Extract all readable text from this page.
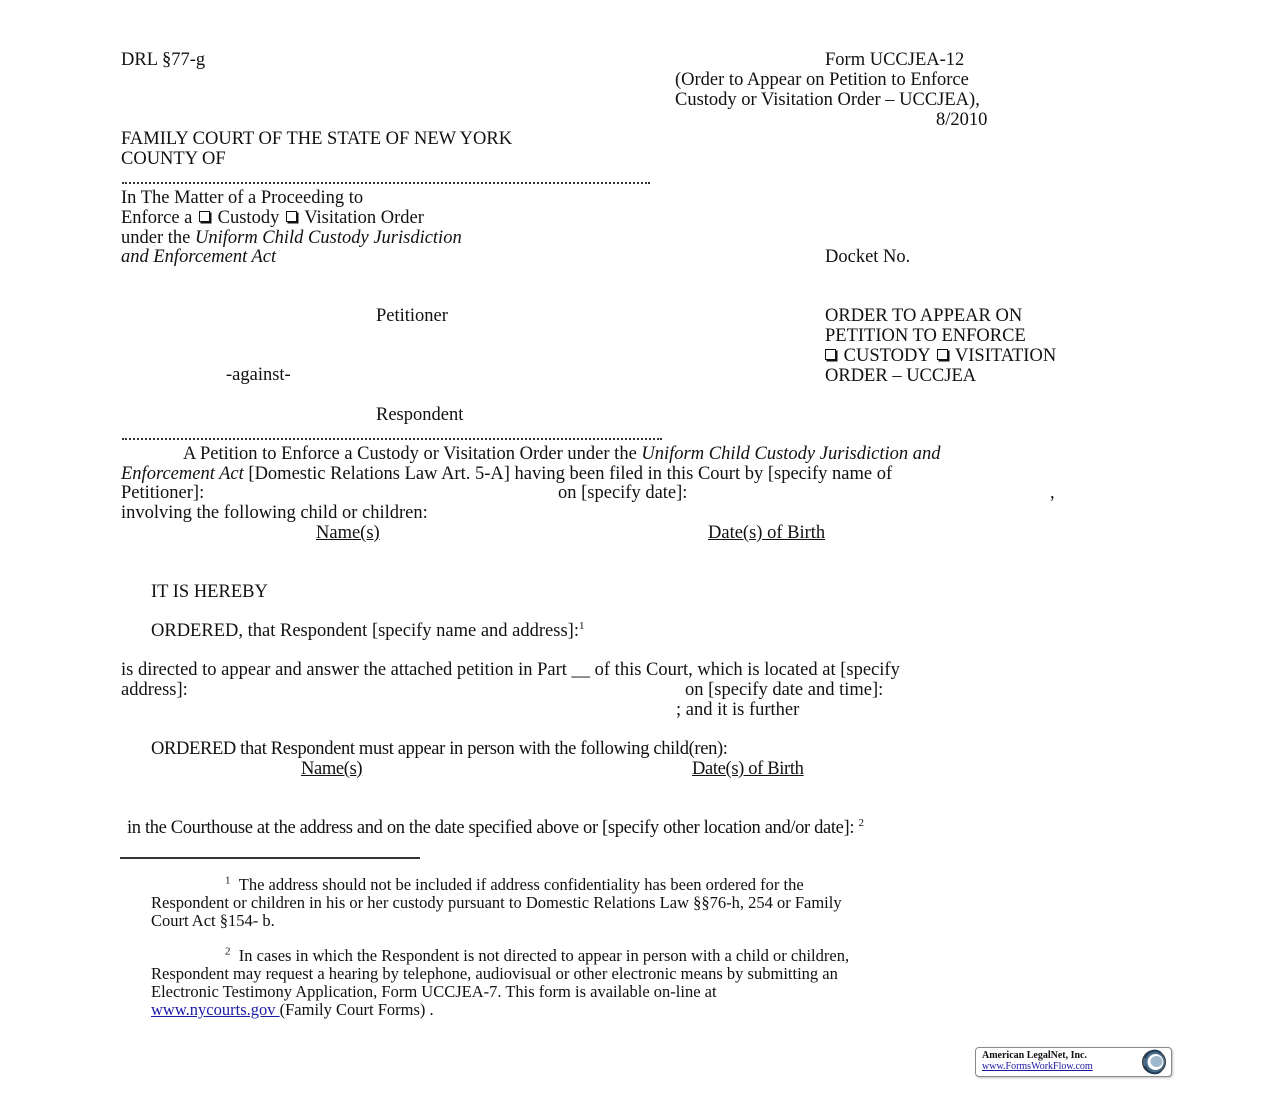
DRL §77-g	Form UCCJEA-12
(Order to Appear on Petition to Enforce
Custody or Visitation Order – UCCJEA),
8/2010
FAMILY COURT OF THE STATE OF NEW YORK
COUNTY OF
In The Matter of a Proceeding to
Enforce a Custody Visitation Order
under the Uniform Child Custody Jurisdiction
and Enforcement Act	Docket No.
Petitioner
-against-
Respondent
ORDER TO APPEAR ON
PETITION TO ENFORCE
CUSTODY VISITATION
ORDER – UCCJEA
A Petition to Enforce a Custody or Visitation Order under the Uniform Child Custody Jurisdiction and
Enforcement Act [Domestic Relations Law Art. 5-A] having been filed in this Court by [specify name of
Petitioner]:	on [specify date]:	,
involving the following child or children:
Name(s)	Date(s) of Birth
IT IS HEREBY
ORDERED, that Respondent [specify name and address]:$^1$
is directed to appear and answer the attached petition in Part __ of this Court, which is located at [specify
address]:	on [specify date and time]:
; and it is further
ORDERED that Respondent must appear in person with the following child(ren):
Name(s)	Date(s) of Birth
in the Courthouse at the address and on the date specified above or [specify other location and/or date]: $^2$
$^1$ The address should not be included if address confidentiality has been ordered for the
Respondent or children in his or her custody pursuant to Domestic Relations Law §§76-h, 254 or Family
Court Act §154- b.
$^2$ In cases in which the Respondent is not directed to appear in person with a child or children,
Respondent may request a hearing by telephone, audiovisual or other electronic means by submitting an
Electronic Testimony Application, Form UCCJEA-7. This form is available on-line at
www.nycourts.gov (Family Court Forms) .
American LegalNet, Inc.
www.FormsWorkFlow.com
